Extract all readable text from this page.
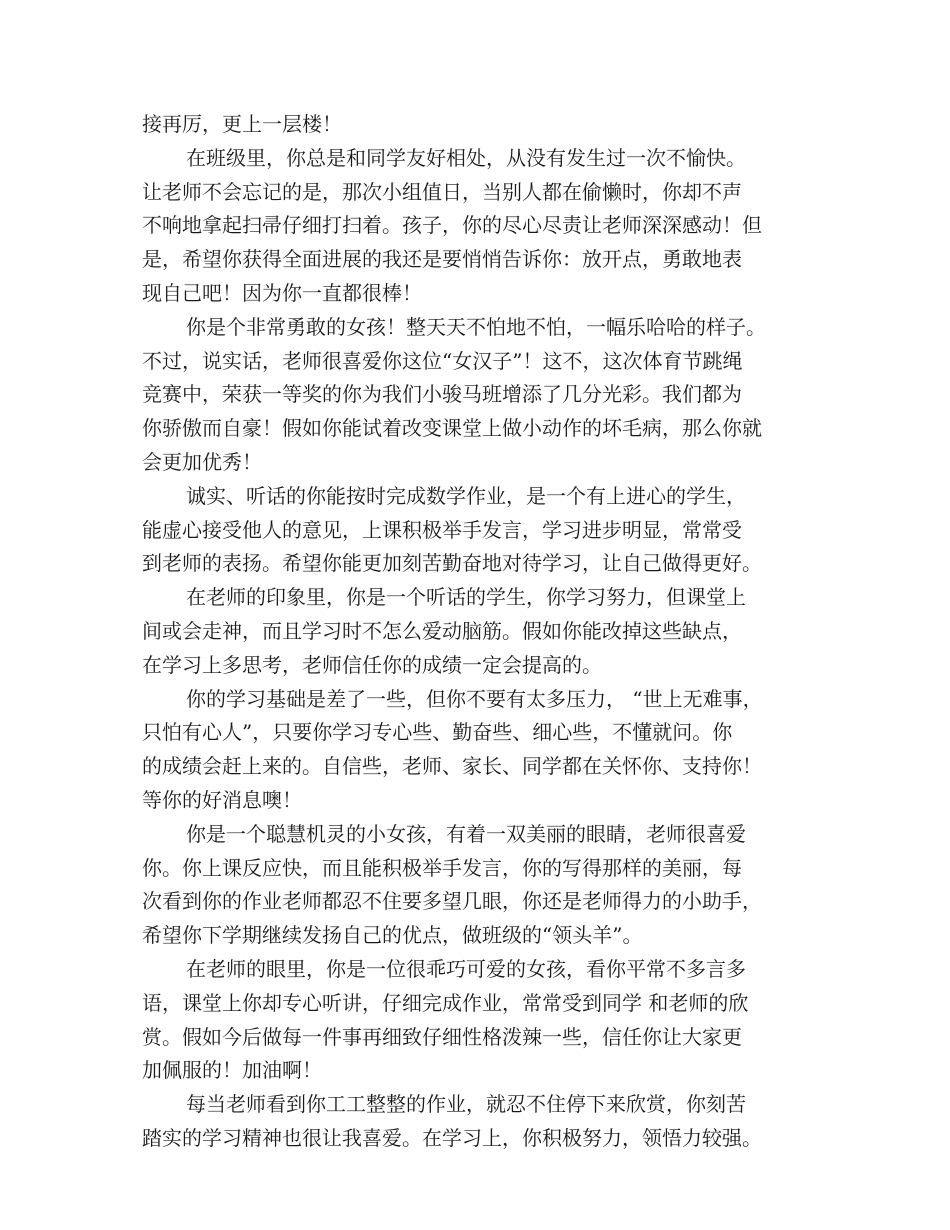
接再厉，更上一层楼！
在班级里，你总是和同学友好相处，从没有发生过一次不愉快。
让老师不会忘记的是，那次小组值日，当别人都在偷懒时，你却不声
不响地拿起扫帚仔细打扫着。孩子，你的尽心尽责让老师深深感动！但
是，希望你获得全面进展的我还是要悄悄告诉你：放开点，勇敢地表
现自己吧！因为你一直都很棒！
你是个非常勇敢的女孩！整天天不怕地不怕，一幅乐哈哈的样子。
不过，说实话，老师很喜爱你这位“女汉子”！这不，这次体育节跳绳
竞赛中，荣获一等奖的你为我们小骏马班增添了几分光彩。我们都为
你骄傲而自豪！假如你能试着改变课堂上做小动作的坏毛病，那么你就
会更加优秀！
诚实、听话的你能按时完成数学作业，是一个有上进心的学生，
能虚心接受他人的意见，上课积极举手发言，学习进步明显，常常受
到老师的表扬。希望你能更加刻苦勤奋地对待学习，让自己做得更好。
在老师的印象里，你是一个听话的学生，你学习努力，但课堂上
间或会走神，而且学习时不怎么爱动脑筋。假如你能改掉这些缺点，
在学习上多思考，老师信任你的成绩一定会提高的。
你的学习基础是差了一些，但你不要有太多压力， “世上无难事，
只怕有心人”，只要你学习专心些、勤奋些、细心些，不懂就问。你
的成绩会赶上来的。自信些，老师、家长、同学都在关怀你、支持你！
等你的好消息噢！
你是一个聪慧机灵的小女孩，有着一双美丽的眼睛，老师很喜爱
你。你上课反应快，而且能积极举手发言，你的写得那样的美丽，每
次看到你的作业老师都忍不住要多望几眼，你还是老师得力的小助手，
希望你下学期继续发扬自己的优点，做班级的“领头羊”。
在老师的眼里，你是一位很乖巧可爱的女孩，看你平常不多言多
语，课堂上你却专心听讲，仔细完成作业，常常受到同学 和老师的欣
赏。假如今后做每一件事再细致仔细性格泼辣一些，信任你让大家更
加佩服的！加油啊！
每当老师看到你工工整整的作业，就忍不住停下来欣赏，你刻苦
踏实的学习精神也很让我喜爱。在学习上，你积极努力，领悟力较强。
